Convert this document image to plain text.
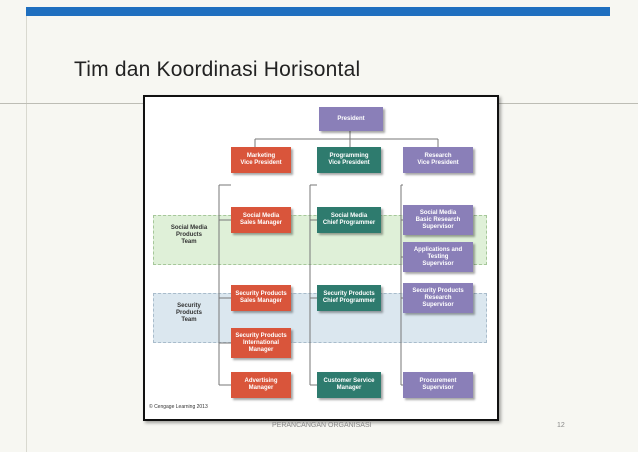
Tim dan Koordinasi Horisontal
Social Media
Products
Team
Security
Products
Team
President
Marketing
Vice President
Programming
Vice President
Research
Vice President
Social Media
Sales Manager
Security Products
Sales Manager
Security Products
International
Manager
Advertising
Manager
Social Media
Chief Programmer
Security Products
Chief Programmer
Customer Service
Manager
Social Media
Basic Research
Supervisor
Applications and
Testing
Supervisor
Security Products
Research
Supervisor
Procurement
Supervisor
© Cengage Learning 2013
PERANCANGAN ORGANISASI	12
